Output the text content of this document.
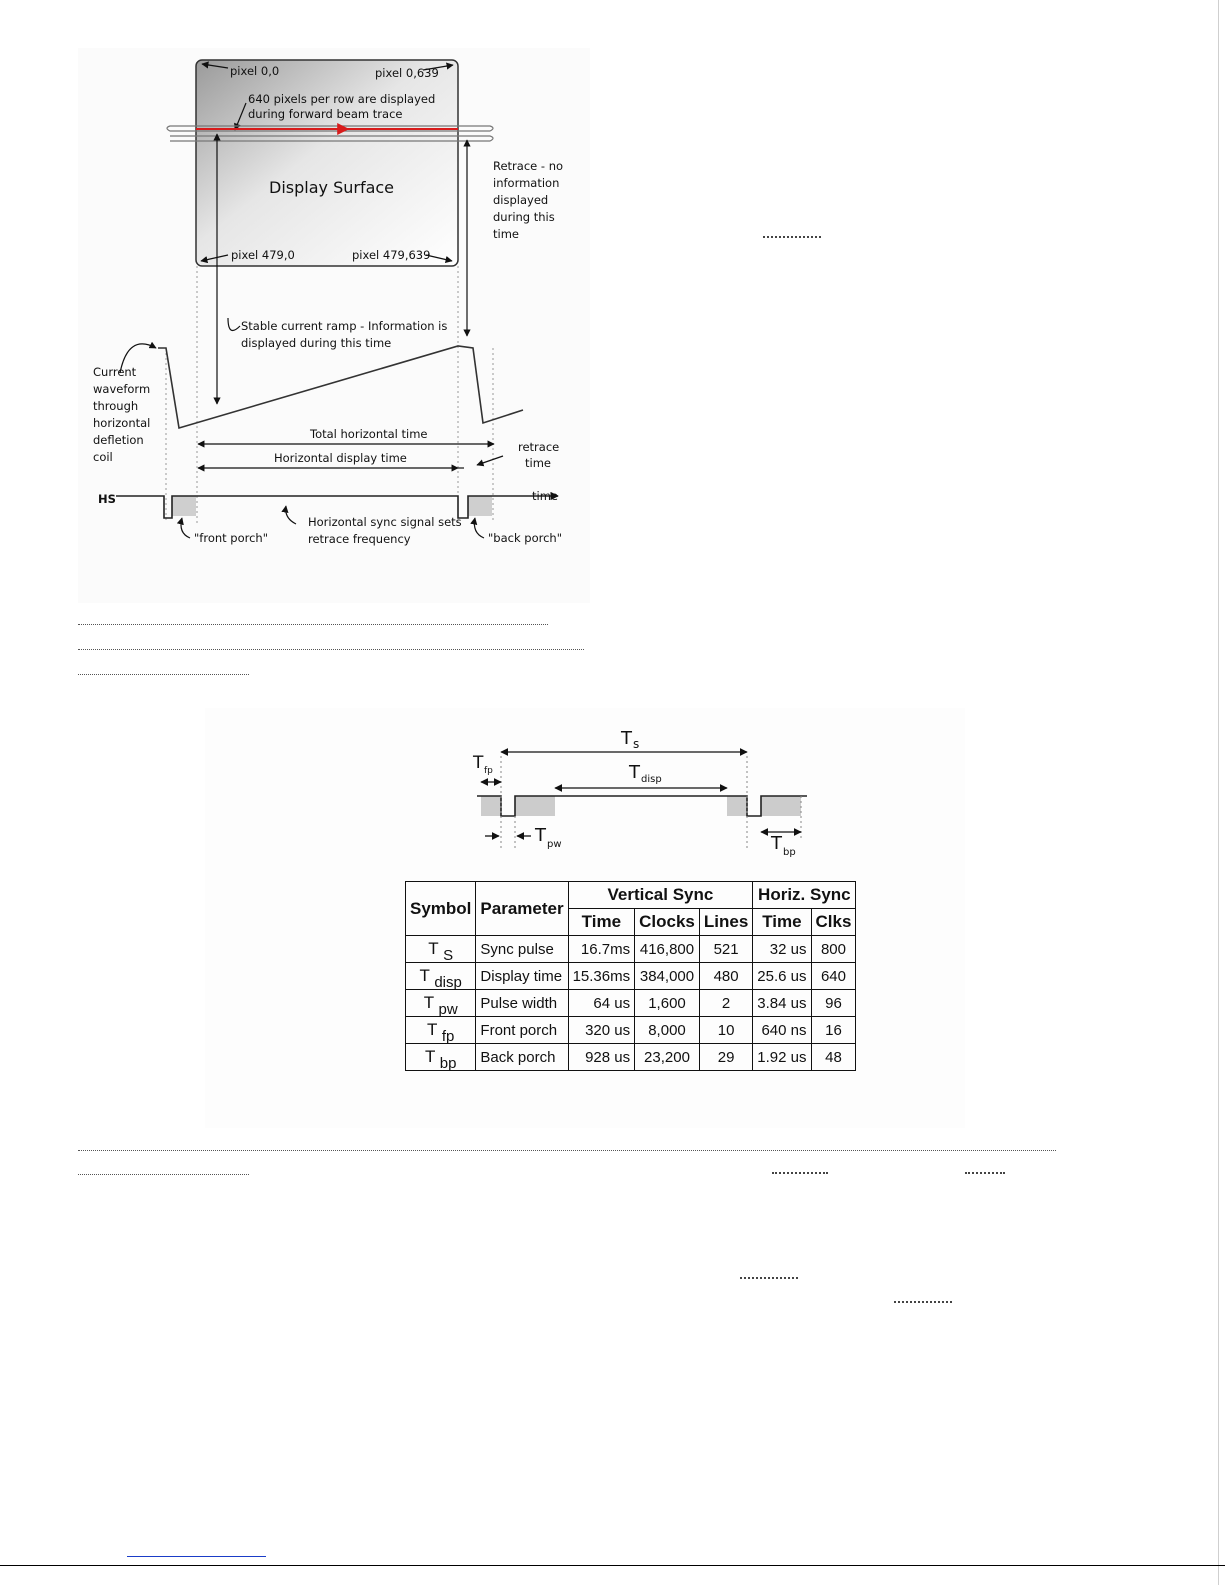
pixel 0,0	pixel 0,639
640 pixels per row are displayed
during forward beam trace
Display Surface
pixel 479,0	pixel 479,639
Retrace - no
information
displayed
during this
time
Stable current ramp - Information is
displayed during this time
Current
waveform
through
horizontal
defletion
coil
Total horizontal time
Horizontal display time
retrace
time
HS	time
"front porch"
Horizontal sync signal sets
retrace frequency	"back porch"
T s
T fp	T disp
T pw	T bp
Symbol	Parameter	Vertical Sync			Horiz. Sync	
		Time	Clocks	Lines	Time	Clks
T S	Sync pulse	16.7ms	416,800	521	32 us	800
T disp	Display time	15.36ms	384,000	480	25.6 us	640
T pw	Pulse width	64 us	1,600	2	3.84 us	96
T fp	Front porch	320 us	8,000	10	640 ns	16
T bp	Back porch	928 us	23,200	29	1.92 us	48
